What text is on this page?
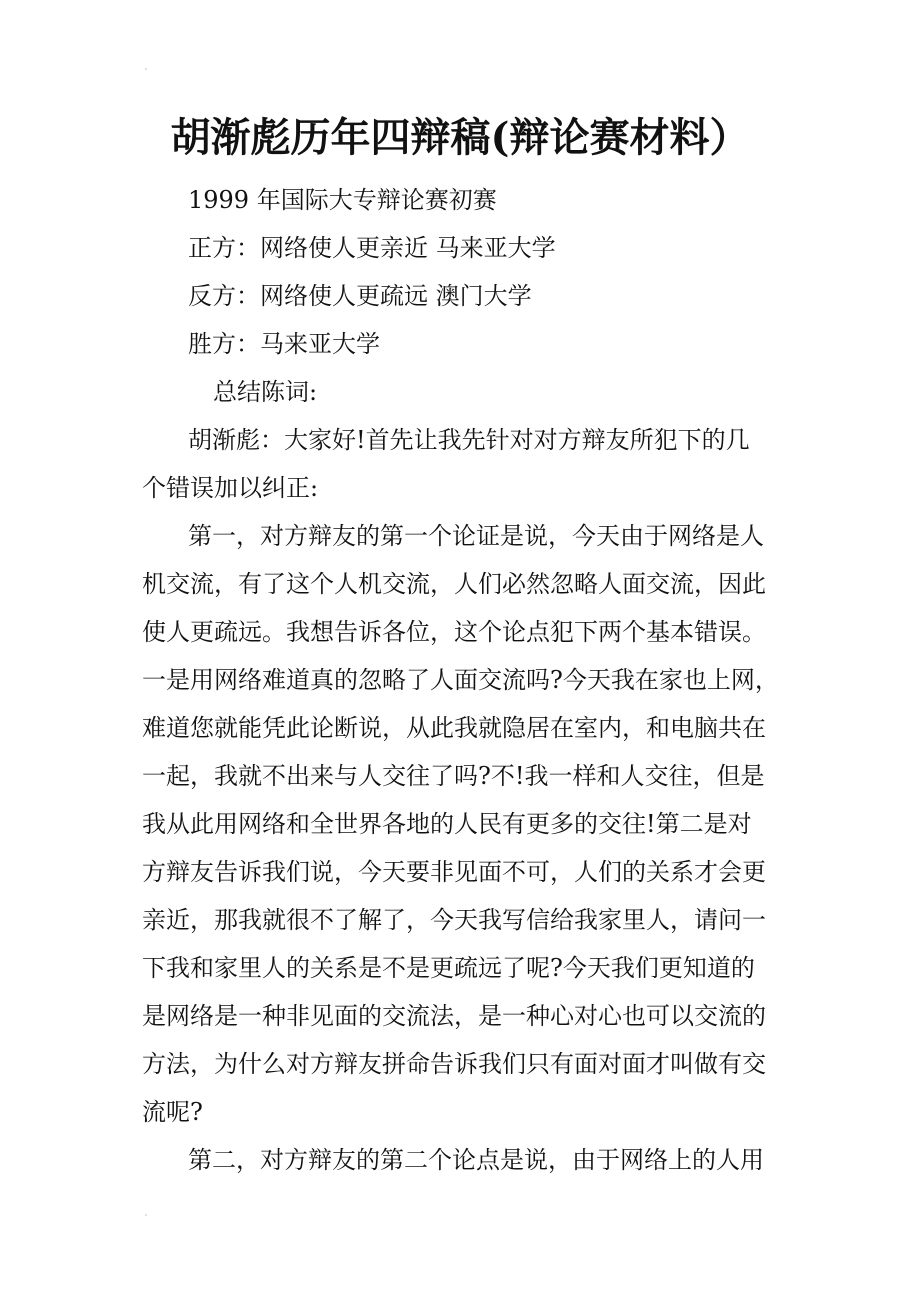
胡渐彪历年四辩稿(辩论赛材料）
1999 年国际大专辩论赛初赛
正方：网络使人更亲近 马来亚大学
反方：网络使人更疏远 澳门大学
胜方：马来亚大学
总结陈词:
胡渐彪：大家好!首先让我先针对对方辩友所犯下的几
个错误加以纠正:
第一，对方辩友的第一个论证是说，今天由于网络是人
机交流，有了这个人机交流，人们必然忽略人面交流，因此
使人更疏远。我想告诉各位，这个论点犯下两个基本错误。
一是用网络难道真的忽略了人面交流吗?今天我在家也上网，
难道您就能凭此论断说，从此我就隐居在室内，和电脑共在
一起，我就不出来与人交往了吗?不!我一样和人交往，但是
我从此用网络和全世界各地的人民有更多的交往!第二是对
方辩友告诉我们说，今天要非见面不可，人们的关系才会更
亲近，那我就很不了解了，今天我写信给我家里人，请问一
下我和家里人的关系是不是更疏远了呢?今天我们更知道的
是网络是一种非见面的交流法，是一种心对心也可以交流的
方法，为什么对方辩友拼命告诉我们只有面对面才叫做有交
流呢?
第二，对方辩友的第二个论点是说，由于网络上的人用
